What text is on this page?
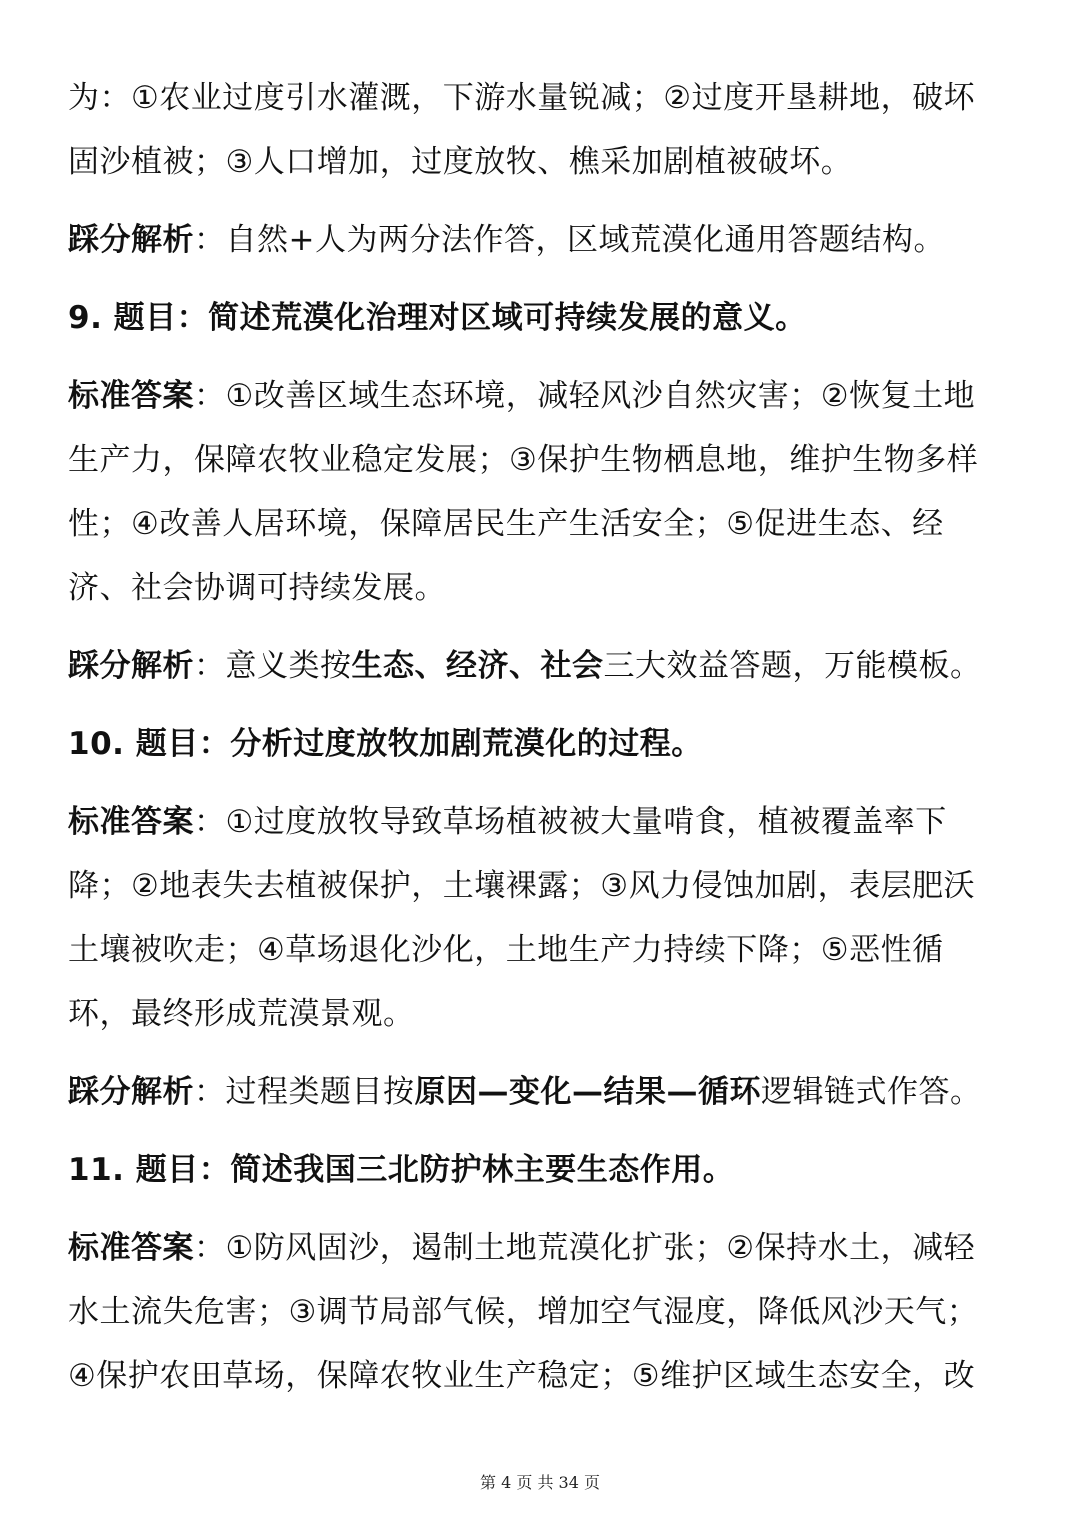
为：①农业过度引水灌溉，下游水量锐减；②过度开垦耕地，破坏固沙植被；③人口增加，过度放牧、樵采加剧植被破坏。

踩分解析：自然+人为两分法作答，区域荒漠化通用答题结构。

9. 题目：简述荒漠化治理对区域可持续发展的意义。

标准答案：①改善区域生态环境，减轻风沙自然灾害；②恢复土地生产力，保障农牧业稳定发展；③保护生物栖息地，维护生物多样性；④改善人居环境，保障居民生产生活安全；⑤促进生态、经济、社会协调可持续发展。

踩分解析：意义类按生态、经济、社会三大效益答题，万能模板。

10. 题目：分析过度放牧加剧荒漠化的过程。

标准答案：①过度放牧导致草场植被被大量啃食，植被覆盖率下降；②地表失去植被保护，土壤裸露；③风力侵蚀加剧，表层肥沃土壤被吹走；④草场退化沙化，土地生产力持续下降；⑤恶性循环，最终形成荒漠景观。

踩分解析：过程类题目按原因—变化—结果—循环逻辑链式作答。

11. 题目：简述我国三北防护林主要生态作用。

标准答案：①防风固沙，遏制土地荒漠化扩张；②保持水土，减轻水土流失危害；③调节局部气候，增加空气湿度，降低风沙天气；④保护农田草场，保障农牧业生产稳定；⑤维护区域生态安全，改

第 4 页 共 34 页
